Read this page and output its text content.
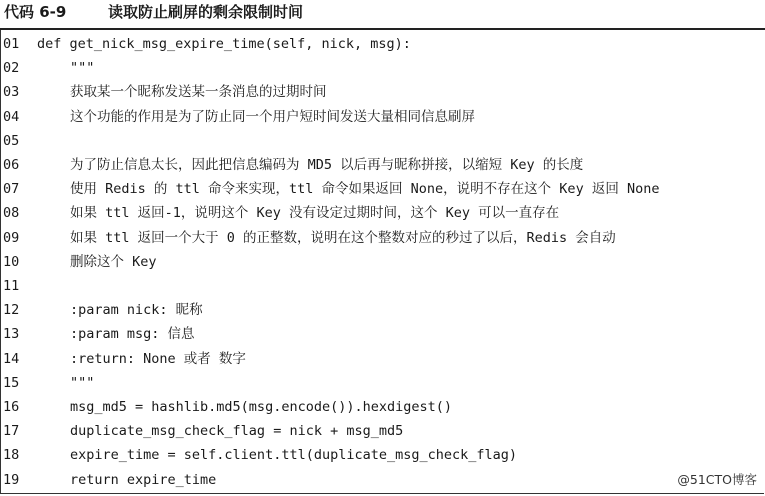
代码 6-9	读取防止刷屏的剩余限制时间
01	def get_nick_msg_expire_time(self, nick, msg):
02	"""
03	获取某一个昵称发送某一条消息的过期时间
04	这个功能的作用是为了防止同一个用户短时间发送大量相同信息刷屏
05
06	为了防止信息太长，因此把信息编码为 MD5 以后再与昵称拼接，以缩短 Key 的长度
07	使用 Redis 的 ttl 命令来实现，ttl 命令如果返回 None，说明不存在这个 Key 返回 None
08	如果 ttl 返回-1，说明这个 Key 没有设定过期时间，这个 Key 可以一直存在
09	如果 ttl 返回一个大于 0 的正整数，说明在这个整数对应的秒过了以后，Redis 会自动
10	删除这个 Key
11
12	:param nick: 昵称
13	:param msg: 信息
14	:return: None 或者 数字
15	"""
16	msg_md5 = hashlib.md5(msg.encode()).hexdigest()
17	duplicate_msg_check_flag = nick + msg_md5
18	expire_time = self.client.ttl(duplicate_msg_check_flag)
19	return expire_time	@51CTO博客
